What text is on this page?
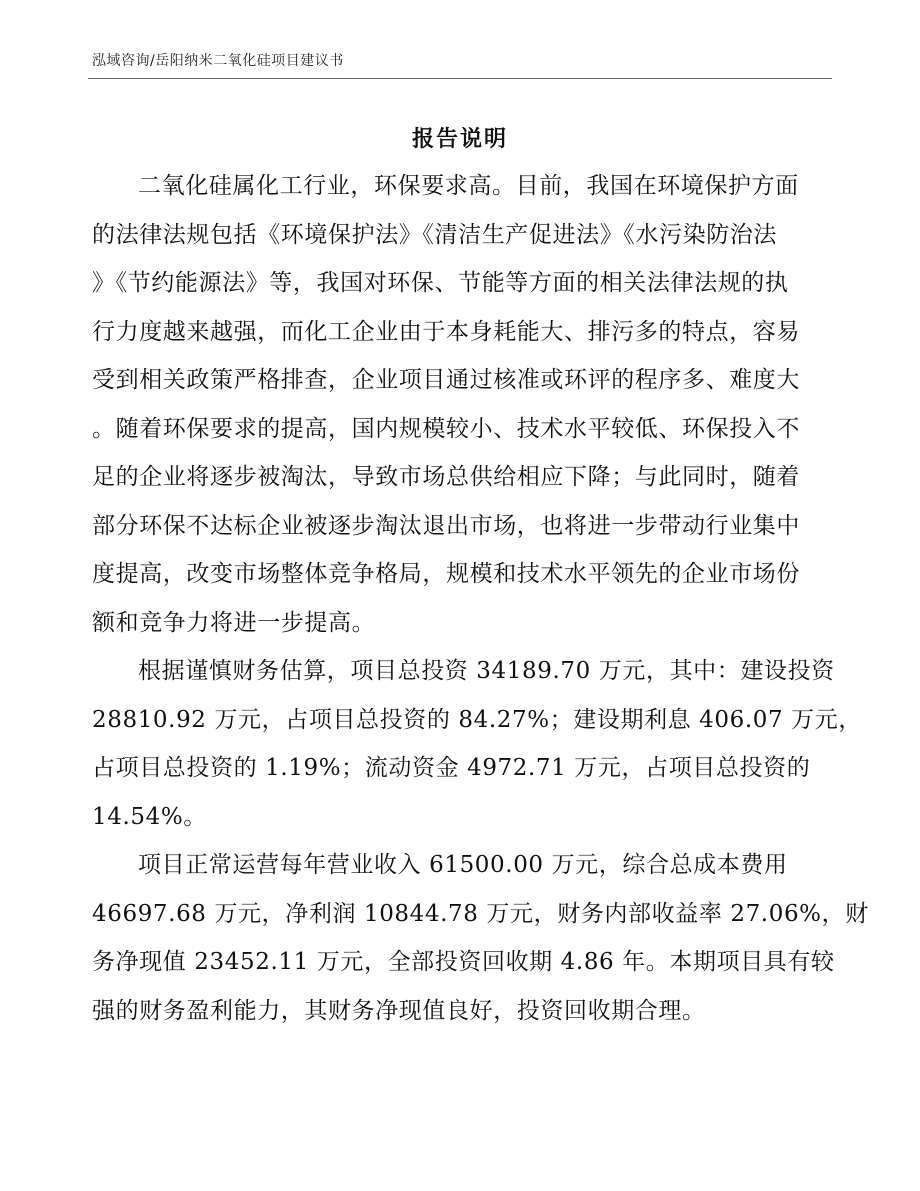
泓域咨询/岳阳纳米二氧化硅项目建议书
报告说明
二氧化硅属化工行业，环保要求高。目前，我国在环境保护方面
的法律法规包括《环境保护法》《清洁生产促进法》《水污染防治法
》《节约能源法》等，我国对环保、节能等方面的相关法律法规的执
行力度越来越强，而化工企业由于本身耗能大、排污多的特点，容易
受到相关政策严格排查，企业项目通过核准或环评的程序多、难度大
。随着环保要求的提高，国内规模较小、技术水平较低、环保投入不
足的企业将逐步被淘汰，导致市场总供给相应下降；与此同时，随着
部分环保不达标企业被逐步淘汰退出市场，也将进一步带动行业集中
度提高，改变市场整体竞争格局，规模和技术水平领先的企业市场份
额和竞争力将进一步提高。
根据谨慎财务估算，项目总投资 34189.70 万元，其中：建设投资
28810.92 万元，占项目总投资的 84.27%；建设期利息 406.07 万元，
占项目总投资的 1.19%；流动资金 4972.71 万元，占项目总投资的
14.54%。
项目正常运营每年营业收入 61500.00 万元，综合总成本费用
46697.68 万元，净利润 10844.78 万元，财务内部收益率 27.06%，财
务净现值 23452.11 万元，全部投资回收期 4.86 年。本期项目具有较
强的财务盈利能力，其财务净现值良好，投资回收期合理。
